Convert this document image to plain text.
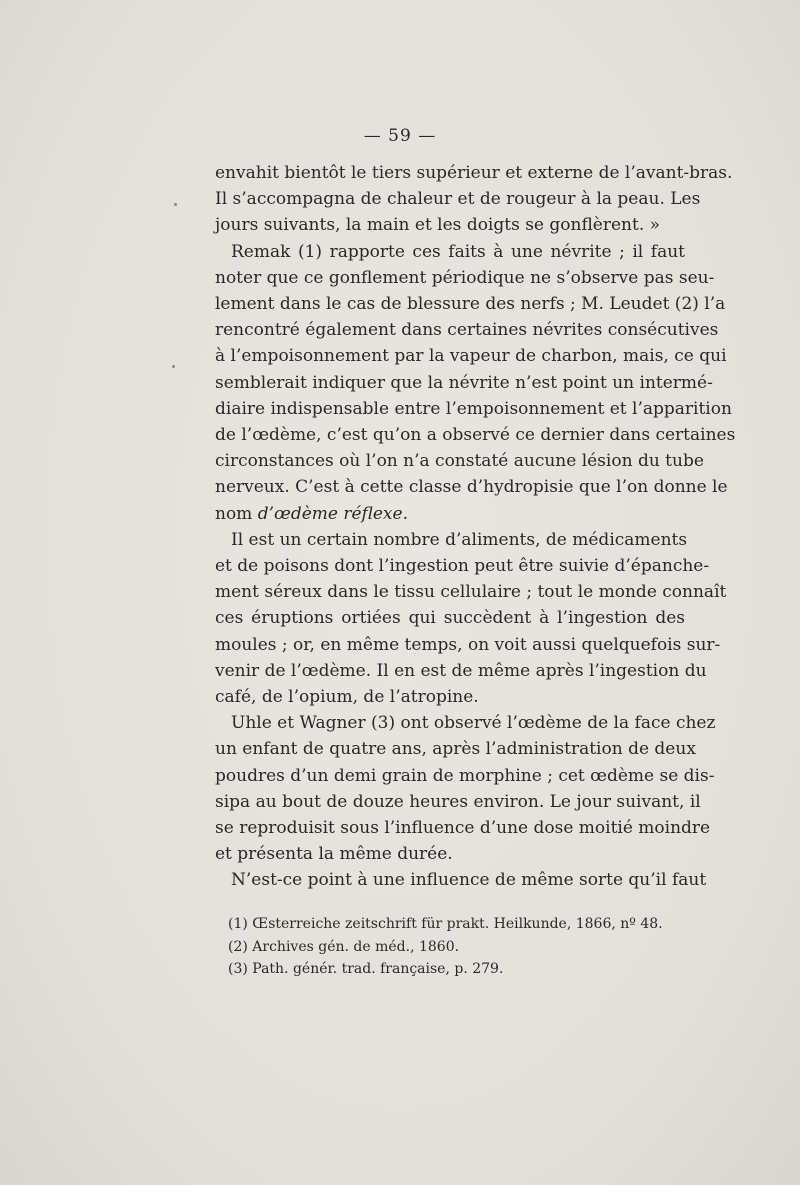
— 59 —
envahit bientôt le tiers supérieur et externe de l’avant-bras.
Il s’accompagna de chaleur et de rougeur à la peau. Les
jours suivants, la main et les doigts se gonflèrent. »
Remak (1) rapporte ces faits à une névrite ; il faut
noter que ce gonflement périodique ne s’observe pas seu-
lement dans le cas de blessure des nerfs ; M. Leudet (2) l’a
rencontré également dans certaines névrites consécutives
à l’empoisonnement par la vapeur de charbon, mais, ce qui
semblerait indiquer que la névrite n’est point un intermé-
diaire indispensable entre l’empoisonnement et l’apparition
de l’œdème, c’est qu’on a observé ce dernier dans certaines
circonstances où l’on n’a constaté aucune lésion du tube
nerveux. C’est à cette classe d’hydropisie que l’on donne le
nom d’œdème réflexe.
Il est un certain nombre d’aliments, de médicaments
et de poisons dont l’ingestion peut être suivie d’épanche-
ment séreux dans le tissu cellulaire ; tout le monde connaît
ces éruptions ortiées qui succèdent à l’ingestion des
moules ; or, en même temps, on voit aussi quelquefois sur-
venir de l’œdème. Il en est de même après l’ingestion du
café, de l’opium, de l’atropine.
Uhle et Wagner (3) ont observé l’œdème de la face chez
un enfant de quatre ans, après l’administration de deux
poudres d’un demi grain de morphine ; cet œdème se dis-
sipa au bout de douze heures environ. Le jour suivant, il
se reproduisit sous l’influence d’une dose moitié moindre
et présenta la même durée.
N’est-ce point à une influence de même sorte qu’il faut
(1) Œsterreiche zeitschrift für prakt. Heilkunde, 1866, nº 48.
(2) Archives gén. de méd., 1860.
(3) Path. génér. trad. française, p. 279.
